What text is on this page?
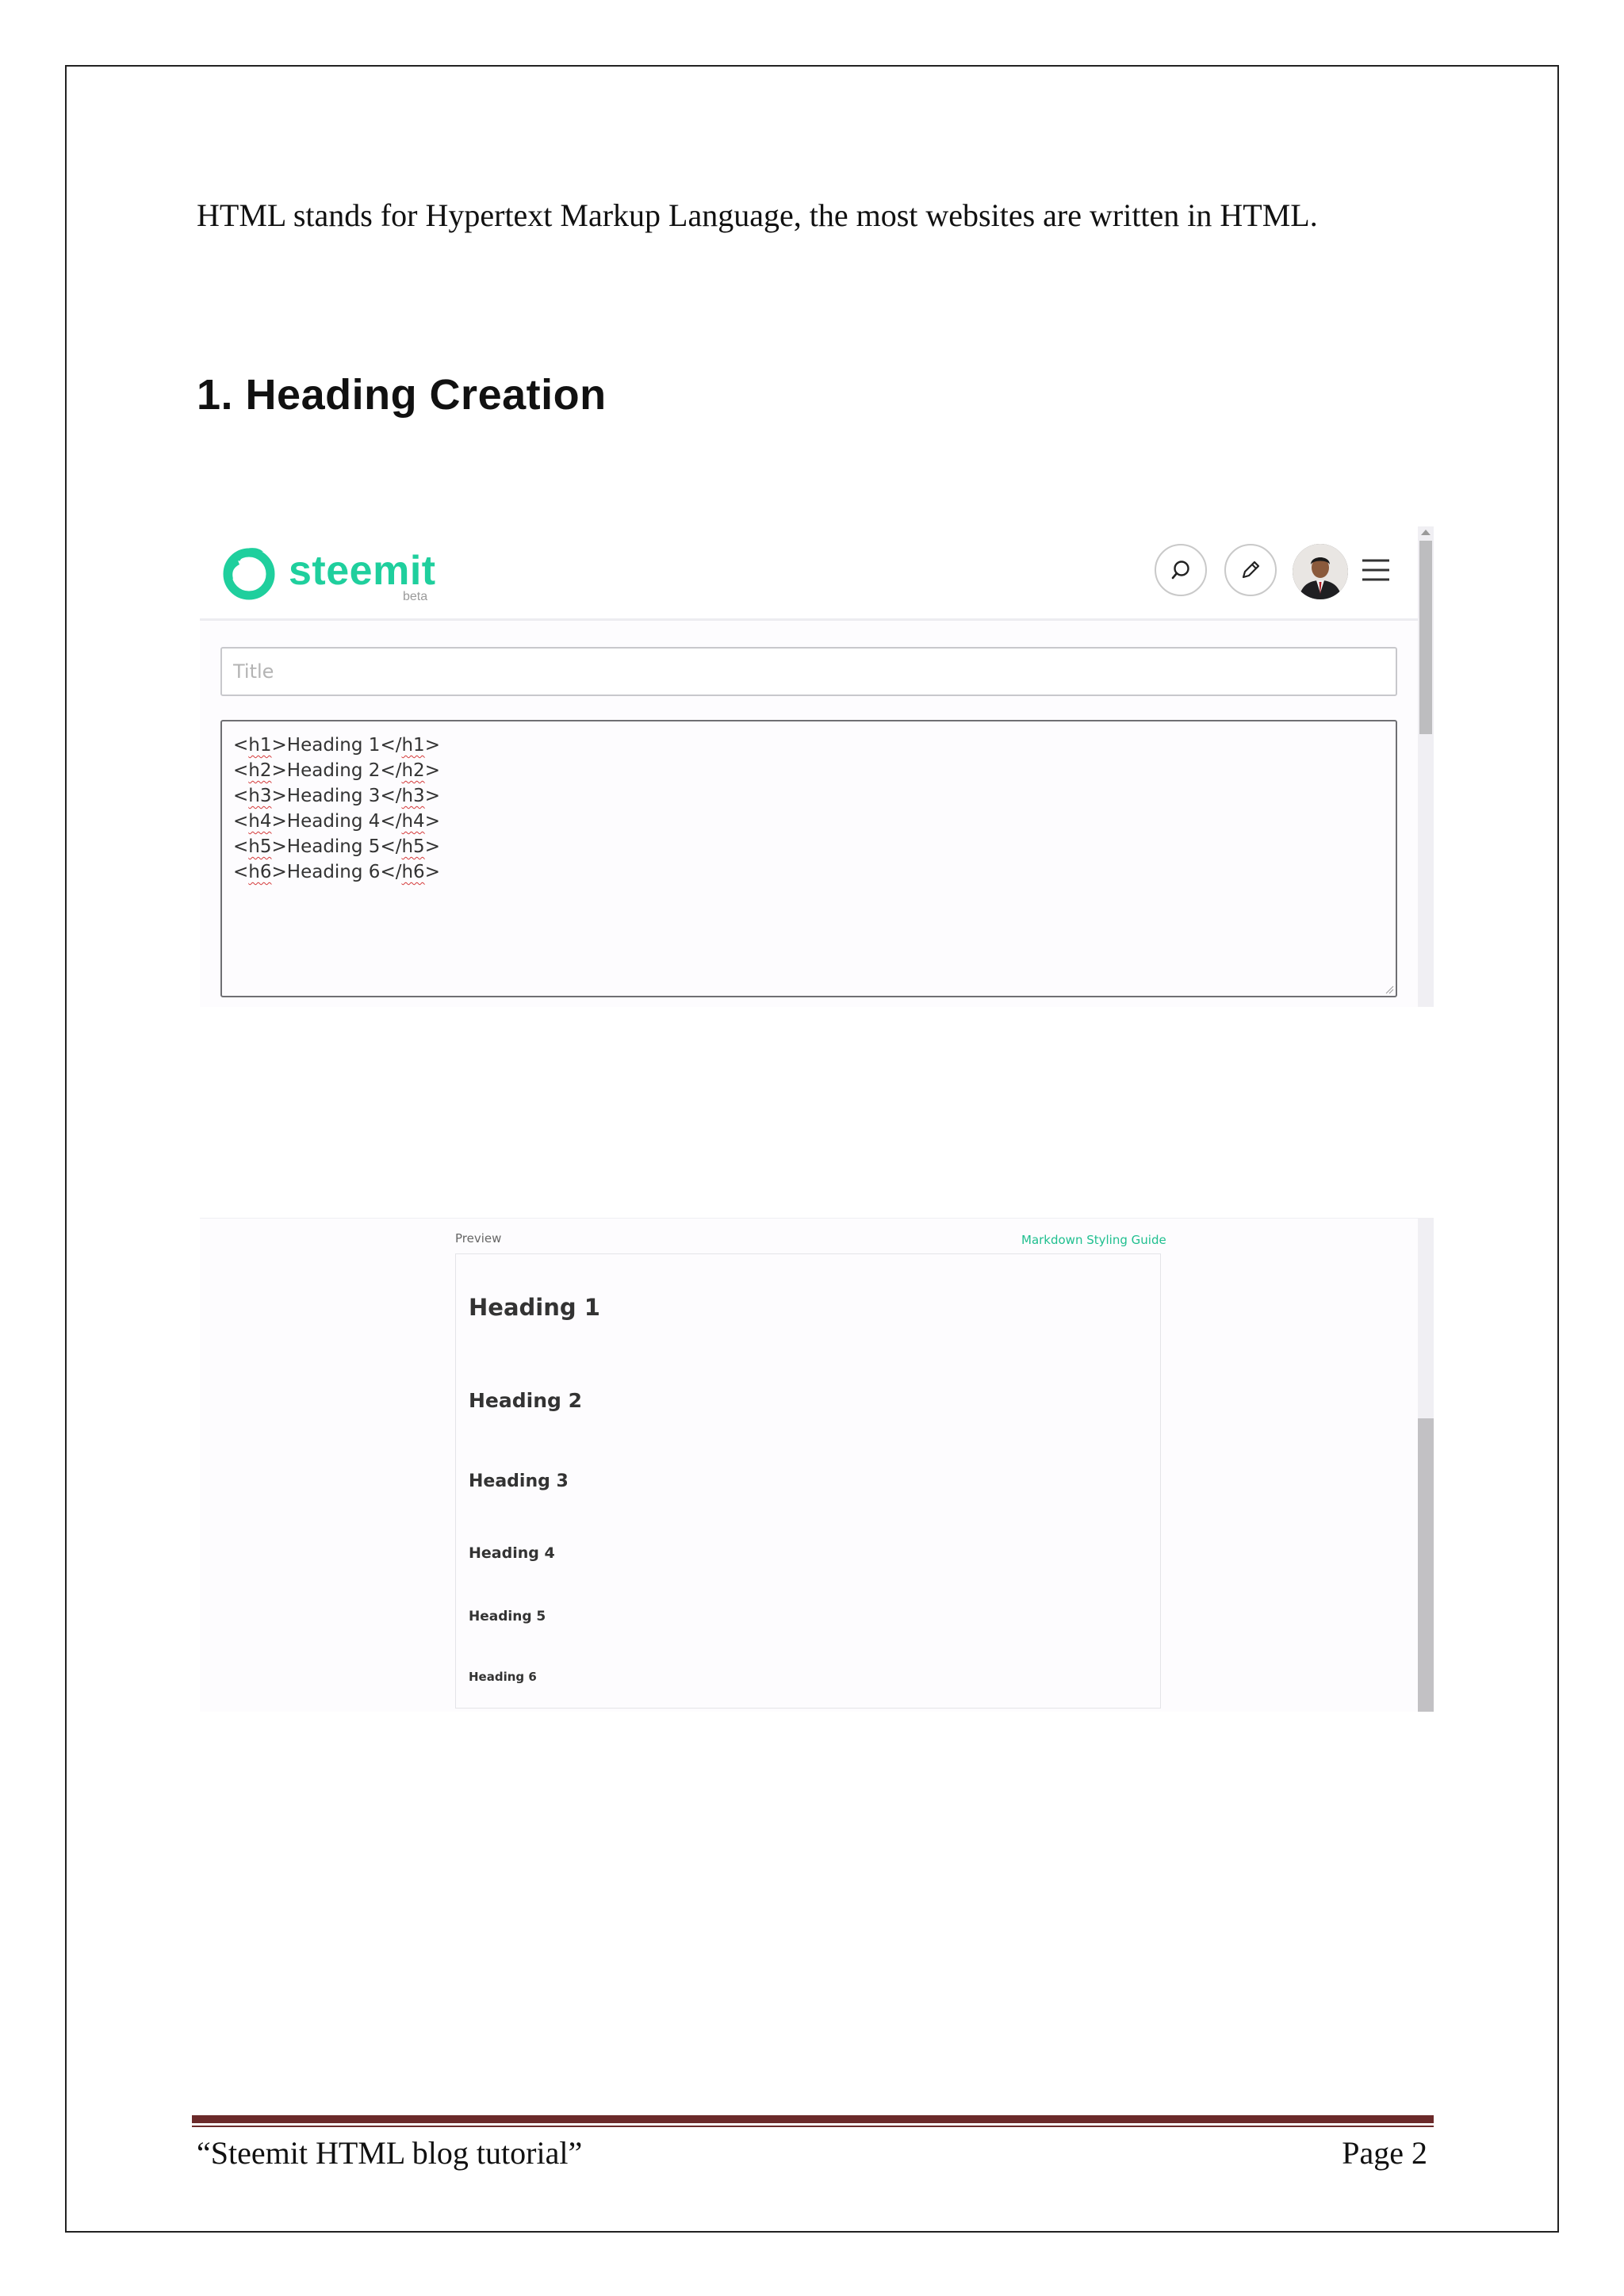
HTML stands for Hypertext Markup Language, the most websites are written in HTML.

1. Heading Creation
steemit
beta
Title
<h1>Heading 1</h1>
<h2>Heading 2</h2>
<h3>Heading 3</h3>
<h4>Heading 4</h4>
<h5>Heading 5</h5>
<h6>Heading 6</h6>
Preview	Markdown Styling Guide
Heading 1
Heading 2
Heading 3
Heading 4
Heading 5
Heading 6
“Steemit HTML blog tutorial”	Page 2
